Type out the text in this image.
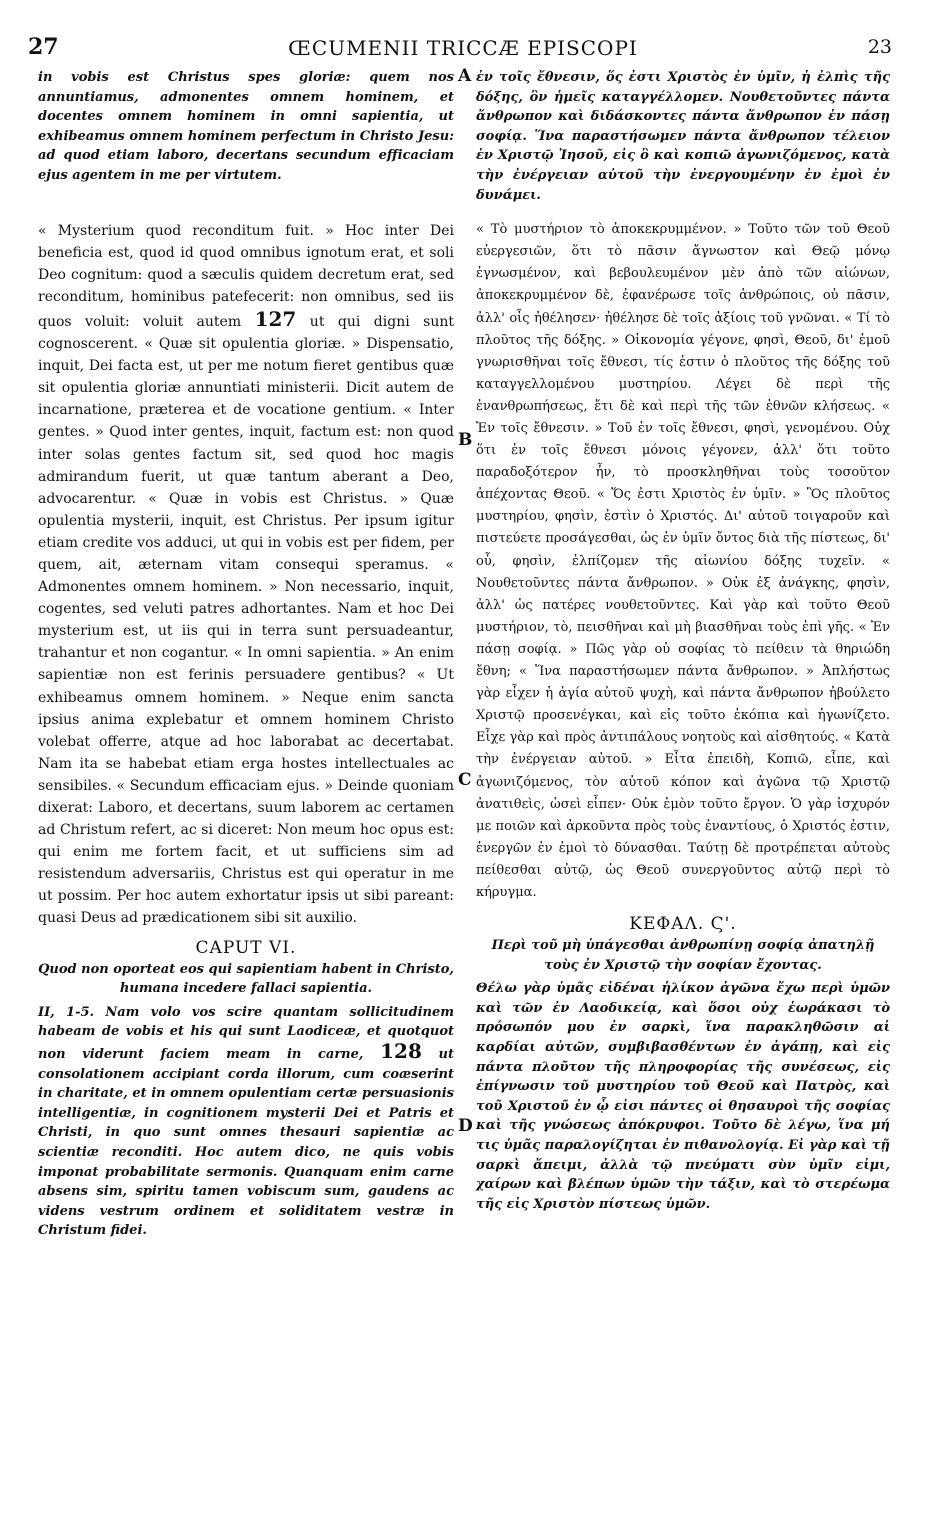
27	ŒCUMENII TRICCÆ EPISCOPI	23
A
B
C
D

in vobis est Christus spes gloriæ: quem nos annuntiamus, admonentes omnem hominem, et docentes omnem hominem in omni sapientia, ut exhibeamus omnem hominem perfectum in Christo Jesu: ad quod etiam laboro, decertans secundum efficaciam ejus agentem in me per virtutem.

« Mysterium quod reconditum fuit. » Hoc inter Dei beneficia est, quod id quod omnibus ignotum erat, et soli Deo cognitum: quod a sæculis quidem decretum erat, sed reconditum, hominibus patefecerit: non omnibus, sed iis quos voluit: voluit autem 127 ut qui digni sunt cognoscerent. « Quæ sit opulentia gloriæ. » Dispensatio, inquit, Dei facta est, ut per me notum fieret gentibus quæ sit opulentia gloriæ annuntiati ministerii. Dicit autem de incarnatione, præterea et de vocatione gentium. « Inter gentes. » Quod inter gentes, inquit, factum est: non quod inter solas gentes factum sit, sed quod hoc magis admirandum fuerit, ut quæ tantum aberant a Deo, advocarentur. « Quæ in vobis est Christus. » Quæ opulentia mysterii, inquit, est Christus. Per ipsum igitur etiam credite vos adduci, ut qui in vobis est per fidem, per quem, ait, æternam vitam consequi speramus. « Admonentes omnem hominem. » Non necessario, inquit, cogentes, sed veluti patres adhortantes. Nam et hoc Dei mysterium est, ut iis qui in terra sunt persuadeantur, trahantur et non cogantur. « In omni sapientia. » An enim sapientiæ non est ferinis persuadere gentibus? « Ut exhibeamus omnem hominem. » Neque enim sancta ipsius anima explebatur et omnem hominem Christo volebat offerre, atque ad hoc laborabat ac decertabat. Nam ita se habebat etiam erga hostes intellectuales ac sensibiles. « Secundum efficaciam ejus. » Deinde quoniam dixerat: Laboro, et decertans, suum laborem ac certamen ad Christum refert, ac si diceret: Non meum hoc opus est: qui enim me fortem facit, et ut sufficiens sim ad resistendum adversariis, Christus est qui operatur in me ut possim. Per hoc autem exhortatur ipsis ut sibi pareant: quasi Deus ad prædicationem sibi sit auxilio.

CAPUT VI.

Quod non oporteat eos qui sapientiam habent in Christo, humana incedere fallaci sapientia.

II, 1-5. Nam volo vos scire quantam sollicitudinem habeam de vobis et his qui sunt Laodiceæ, et quotquot non viderunt faciem meam in carne, 128 ut consolationem accipiant corda illorum, cum coæserint in charitate, et in omnem opulentiam certæ persuasionis intelligentiæ, in cognitionem mysterii Dei et Patris et Christi, in quo sunt omnes thesauri sapientiæ ac scientiæ reconditi. Hoc autem dico, ne quis vobis imponat probabilitate sermonis. Quanquam enim carne absens sim, spiritu tamen vobiscum sum, gaudens ac videns vestrum ordinem et soliditatem vestræ in Christum fidei.

ἐν τοῖς ἔθνεσιν, ὅς ἐστι Χριστὸς ἐν ὑμῖν, ἡ ἐλπὶς τῆς δόξης, ὃν ἡμεῖς καταγγέλλομεν. Νουθετοῦντες πάντα ἄνθρωπον καὶ διδάσκοντες πάντα ἄνθρωπον ἐν πάσῃ σοφίᾳ. Ἵνα παραστήσωμεν πάντα ἄνθρωπον τέλειον ἐν Χριστῷ Ἰησοῦ, εἰς ὃ καὶ κοπιῶ ἀγωνιζόμενος, κατὰ τὴν ἐνέργειαν αὐτοῦ τὴν ἐνεργουμένην ἐν ἐμοὶ ἐν δυνάμει.

« Τὸ μυστήριον τὸ ἀποκεκρυμμένον. » Τοῦτο τῶν τοῦ Θεοῦ εὐεργεσιῶν, ὅτι τὸ πᾶσιν ἄγνωστον καὶ Θεῷ μόνῳ ἐγνωσμένον, καὶ βεβουλευμένον μὲν ἀπὸ τῶν αἰώνων, ἀποκεκρυμμένον δὲ, ἐφανέρωσε τοῖς ἀνθρώποις, οὐ πᾶσιν, ἀλλ' οἷς ἠθέλησεν· ἠθέλησε δὲ τοῖς ἀξίοις τοῦ γνῶναι. « Τί τὸ πλοῦτος τῆς δόξης. » Οἰκονομία γέγονε, φησὶ, Θεοῦ, δι' ἐμοῦ γνωρισθῆναι τοῖς ἔθνεσι, τίς ἐστιν ὁ πλοῦτος τῆς δόξης τοῦ καταγγελλομένου μυστηρίου. Λέγει δὲ περὶ τῆς ἐνανθρωπήσεως, ἔτι δὲ καὶ περὶ τῆς τῶν ἐθνῶν κλήσεως. « Ἐν τοῖς ἔθνεσιν. » Τοῦ ἐν τοῖς ἔθνεσι, φησὶ, γενομένου. Οὐχ ὅτι ἐν τοῖς ἔθνεσι μόνοις γέγονεν, ἀλλ' ὅτι τοῦτο παραδοξότερον ἦν, τὸ προσκληθῆναι τοὺς τοσοῦτον ἀπέχοντας Θεοῦ. « Ὅς ἐστι Χριστὸς ἐν ὑμῖν. » Ὃς πλοῦτος μυστηρίου, φησὶν, ἐστὶν ὁ Χριστός. Δι' αὐτοῦ τοιγαροῦν καὶ πιστεύετε προσάγεσθαι, ὡς ἐν ὑμῖν ὄντος διὰ τῆς πίστεως, δι' οὗ, φησὶν, ἐλπίζομεν τῆς αἰωνίου δόξης τυχεῖν. « Νουθετοῦντες πάντα ἄνθρωπον. » Οὐκ ἐξ ἀνάγκης, φησὶν, ἀλλ' ὡς πατέρες νουθετοῦντες. Καὶ γὰρ καὶ τοῦτο Θεοῦ μυστήριον, τὸ, πεισθῆναι καὶ μὴ βιασθῆναι τοὺς ἐπὶ γῆς. « Ἐν πάσῃ σοφίᾳ. » Πῶς γὰρ οὐ σοφίας τὸ πείθειν τὰ θηριώδη ἔθνη; « Ἵνα παραστήσωμεν πάντα ἄνθρωπον. » Ἀπλήστως γὰρ εἶχεν ἡ ἁγία αὐτοῦ ψυχὴ, καὶ πάντα ἄνθρωπον ἠβούλετο Χριστῷ προσενέγκαι, καὶ εἰς τοῦτο ἐκόπια καὶ ἠγωνίζετο. Εἶχε γὰρ καὶ πρὸς ἀντιπάλους νοητοὺς καὶ αἰσθητούς. « Κατὰ τὴν ἐνέργειαν αὐτοῦ. » Εἶτα ἐπειδὴ, Κοπιῶ, εἶπε, καὶ ἀγωνιζόμενος, τὸν αὐτοῦ κόπον καὶ ἀγῶνα τῷ Χριστῷ ἀνατιθεὶς, ὡσεὶ εἶπεν· Οὐκ ἐμὸν τοῦτο ἔργον. Ὁ γὰρ ἰσχυρόν με ποιῶν καὶ ἀρκοῦντα πρὸς τοὺς ἐναντίους, ὁ Χριστός ἐστιν, ἐνεργῶν ἐν ἐμοὶ τὸ δύνασθαι. Ταύτῃ δὲ προτρέπεται αὐτοὺς πείθεσθαι αὐτῷ, ὡς Θεοῦ συνεργοῦντος αὐτῷ περὶ τὸ κήρυγμα.

ΚΕΦΑΛ. Ϛ'.

Περὶ τοῦ μὴ ὑπάγεσθαι ἀνθρωπίνῃ σοφίᾳ ἀπατηλῇ τοὺς ἐν Χριστῷ τὴν σοφίαν ἔχοντας.

Θέλω γὰρ ὑμᾶς εἰδέναι ἡλίκον ἀγῶνα ἔχω περὶ ὑμῶν καὶ τῶν ἐν Λαοδικείᾳ, καὶ ὅσοι οὐχ ἑωράκασι τὸ πρόσωπόν μου ἐν σαρκὶ, ἵνα παρακληθῶσιν αἱ καρδίαι αὐτῶν, συμβιβασθέντων ἐν ἀγάπῃ, καὶ εἰς πάντα πλοῦτον τῆς πληροφορίας τῆς συνέσεως, εἰς ἐπίγνωσιν τοῦ μυστηρίου τοῦ Θεοῦ καὶ Πατρὸς, καὶ τοῦ Χριστοῦ ἐν ᾧ εἰσι πάντες οἱ θησαυροὶ τῆς σοφίας καὶ τῆς γνώσεως ἀπόκρυφοι. Τοῦτο δὲ λέγω, ἵνα μή τις ὑμᾶς παραλογίζηται ἐν πιθανολογίᾳ. Εἰ γὰρ καὶ τῇ σαρκὶ ἄπειμι, ἀλλὰ τῷ πνεύματι σὺν ὑμῖν εἰμι, χαίρων καὶ βλέπων ὑμῶν τὴν τάξιν, καὶ τὸ στερέωμα τῆς εἰς Χριστὸν πίστεως ὑμῶν.
